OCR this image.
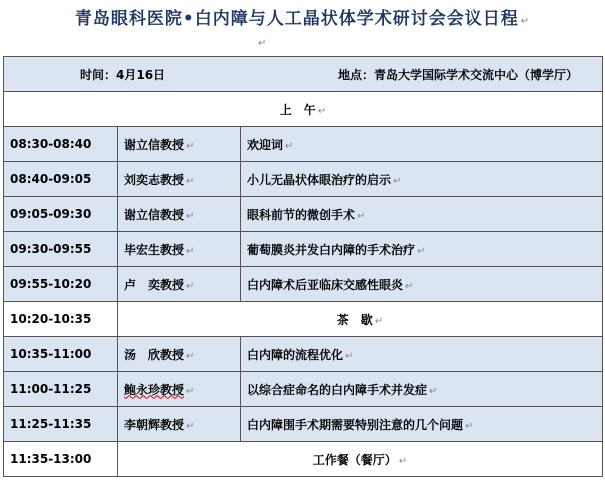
青岛眼科医院•白内障与人工晶状体学术研讨会会议日程 ↵
↵
时间：4月16日 地点：青岛大学国际学术交流中心（博学厅）		

上　午 ↵		
08:30-08:40	谢立信教授 ↵	欢迎词 ↵
08:40-09:05	刘奕志教授 ↵	小儿无晶状体眼治疗的启示 ↵
09:05-09:30	谢立信教授 ↵	眼科前节的微创手术 ↵
09:30-09:55	毕宏生教授 ↵	葡萄膜炎并发白内障的手术治疗 ↵
09:55-10:20	卢　奕教授 ↵	白内障术后亚临床交感性眼炎 ↵
10:20-10:35	茶　歇 ↵	
10:35-11:00	汤　欣教授 ↵	白内障的流程优化 ↵
11:00-11:25	鲍永珍教授 ↵	以综合症命名的白内障手术并发症 ↵
11:25-11:35	李朝辉教授 ↵	白内障围手术期需要特别注意的几个问题 ↵
11:35-13:00	工作餐（餐厅） ↵	
